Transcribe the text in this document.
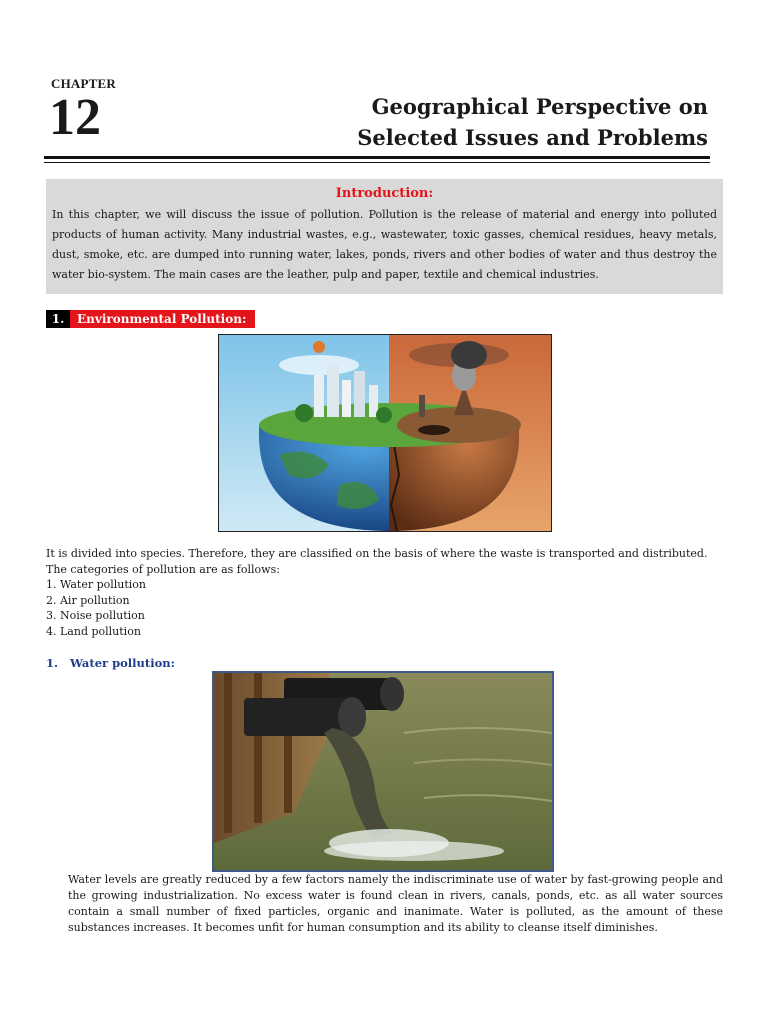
CHAPTER
12	Geographical Perspective on
Selected Issues and Problems
Introduction:

In this chapter, we will discuss the issue of pollution. Pollution is the release of material and energy into polluted products of human activity. Many industrial wastes, e.g., wastewater, toxic gasses, chemical residues, heavy metals, dust, smoke, etc. are dumped into running water, lakes, ponds, rivers and other bodies of water and thus destroy the water bio-system. The main cases are the leather, pulp and paper, textile and chemical industries.

1.	Environmental Pollution:

It is divided into species. Therefore, they are classified on the basis of where the waste is transported and distributed.

The categories of pollution are as follows:

1. Water pollution
2. Air pollution
3. Noise pollution
4. Land pollution
1. Water pollution:

Water levels are greatly reduced by a few factors namely the indiscriminate use of water by fast-growing people and the growing industrialization. No excess water is found clean in rivers, canals, ponds, etc. as all water sources contain a small number of fixed particles, organic and inanimate. Water is polluted, as the amount of these substances increases. It becomes unfit for human consumption and its ability to cleanse itself diminishes.
